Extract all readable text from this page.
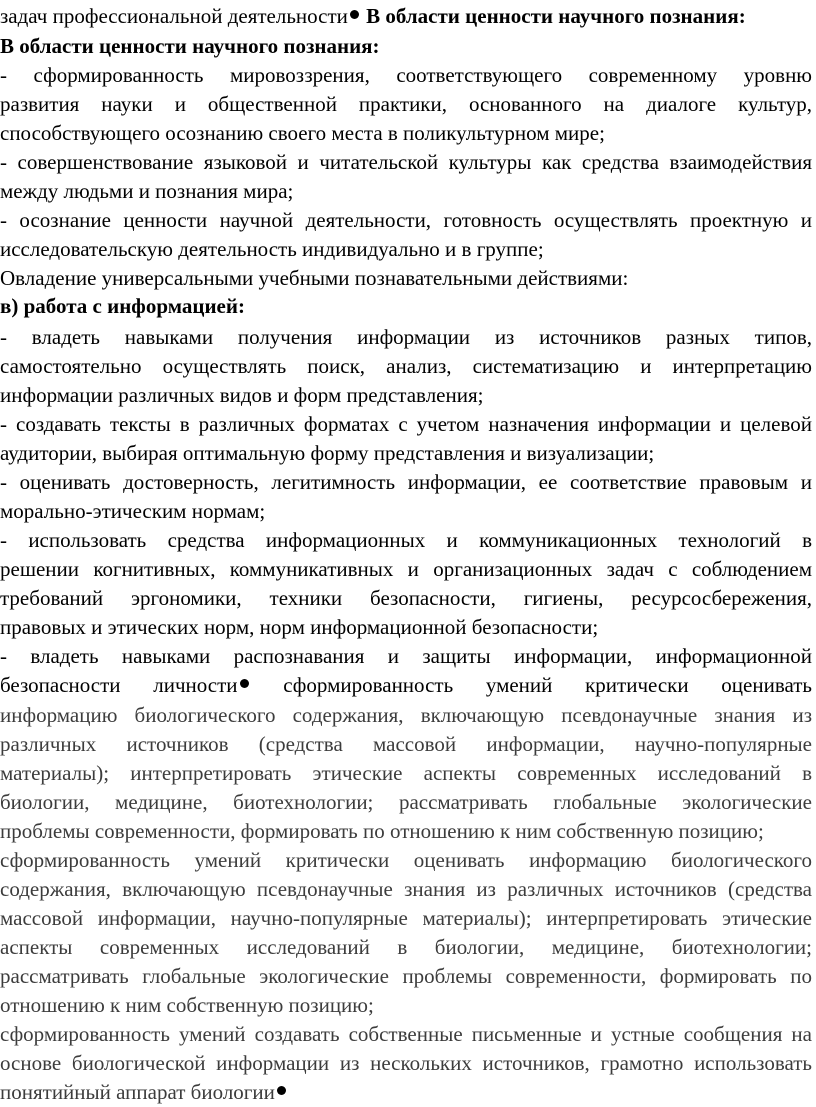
задач профессиональной деятельности В области ценности научного познания:
В области ценности научного познания:
- сформированность мировоззрения, соответствующего современному уровню
развития науки и общественной практики, основанного на диалоге культур,
способствующего осознанию своего места в поликультурном мире;
- совершенствование языковой и читательской культуры как средства взаимодействия
между людьми и познания мира;
- осознание ценности научной деятельности, готовность осуществлять проектную и
исследовательскую деятельность индивидуально и в группе;
Овладение универсальными учебными познавательными действиями:
в) работа с информацией:
- владеть навыками получения информации из источников разных типов,
самостоятельно осуществлять поиск, анализ, систематизацию и интерпретацию
информации различных видов и форм представления;
- создавать тексты в различных форматах с учетом назначения информации и целевой
аудитории, выбирая оптимальную форму представления и визуализации;
- оценивать достоверность, легитимность информации, ее соответствие правовым и
морально-этическим нормам;
- использовать средства информационных и коммуникационных технологий в
решении когнитивных, коммуникативных и организационных задач с соблюдением
требований эргономики, техники безопасности, гигиены, ресурсосбережения,
правовых и этических норм, норм информационной безопасности;
- владеть навыками распознавания и защиты информации, информационной
безопасности личности сформированность умений критически оценивать
информацию биологического содержания, включающую псевдонаучные знания из
различных источников (средства массовой информации, научно-популярные
материалы); интерпретировать этические аспекты современных исследований в
биологии, медицине, биотехнологии; рассматривать глобальные экологические
проблемы современности, формировать по отношению к ним собственную позицию;
сформированность умений критически оценивать информацию биологического
содержания, включающую псевдонаучные знания из различных источников (средства
массовой информации, научно-популярные материалы); интерпретировать этические
аспекты современных исследований в биологии, медицине, биотехнологии;
рассматривать глобальные экологические проблемы современности, формировать по
отношению к ним собственную позицию;
сформированность умений создавать собственные письменные и устные сообщения на
основе биологической информации из нескольких источников, грамотно использовать
понятийный аппарат биологии
